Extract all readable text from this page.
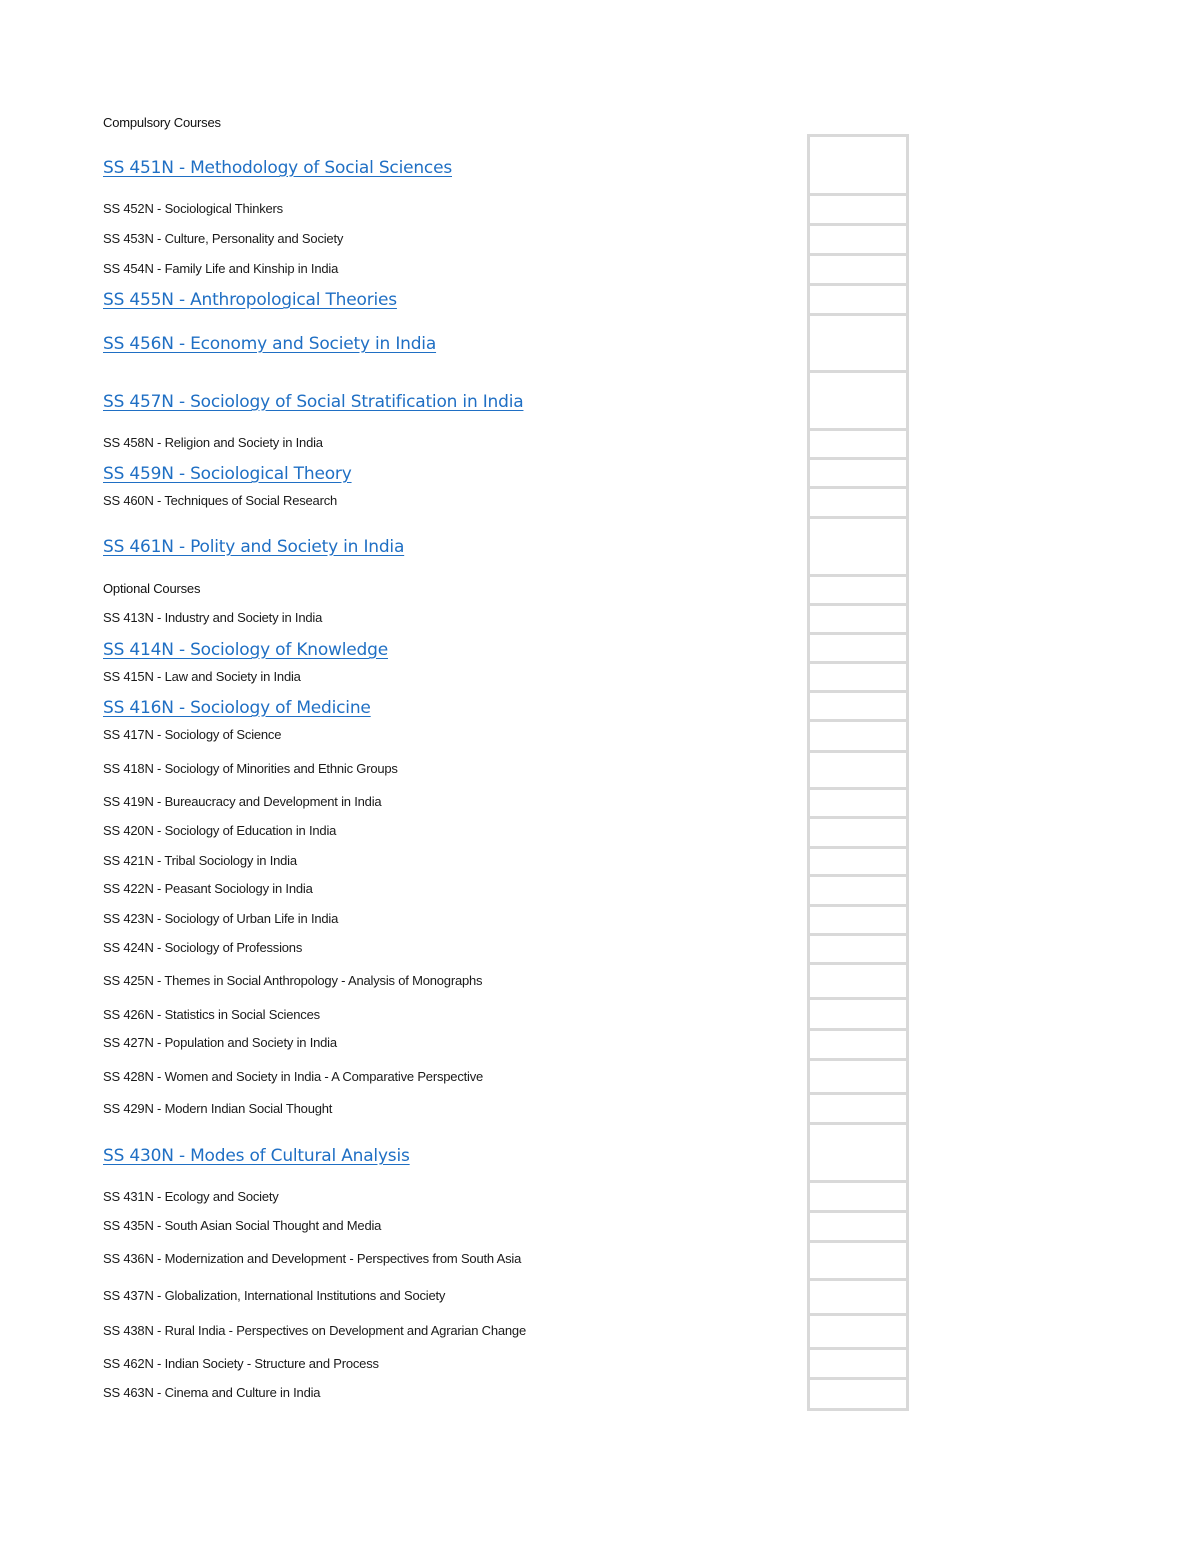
Compulsory Courses
SS 451N - Methodology of Social Sciences
SS 452N - Sociological Thinkers
SS 453N - Culture, Personality and Society
SS 454N - Family Life and Kinship in India
SS 455N - Anthropological Theories
SS 456N - Economy and Society in India
SS 457N - Sociology of Social Stratification in India
SS 458N - Religion and Society in India
SS 459N - Sociological Theory
SS 460N - Techniques of Social Research
SS 461N - Polity and Society in India
Optional Courses
SS 413N - Industry and Society in India
SS 414N - Sociology of Knowledge
SS 415N - Law and Society in India
SS 416N - Sociology of Medicine
SS 417N - Sociology of Science
SS 418N - Sociology of Minorities and Ethnic Groups
SS 419N - Bureaucracy and Development in India
SS 420N - Sociology of Education in India
SS 421N - Tribal Sociology in India
SS 422N - Peasant Sociology in India
SS 423N - Sociology of Urban Life in India
SS 424N - Sociology of Professions
SS 425N - Themes in Social Anthropology - Analysis of Monographs
SS 426N - Statistics in Social Sciences
SS 427N - Population and Society in India
SS 428N - Women and Society in India - A Comparative Perspective
SS 429N - Modern Indian Social Thought
SS 430N - Modes of Cultural Analysis
SS 431N - Ecology and Society
SS 435N - South Asian Social Thought and Media
SS 436N - Modernization and Development - Perspectives from South Asia
SS 437N - Globalization, International Institutions and Society
SS 438N - Rural India - Perspectives on Development and Agrarian Change
SS 462N - Indian Society - Structure and Process
SS 463N - Cinema and Culture in India
